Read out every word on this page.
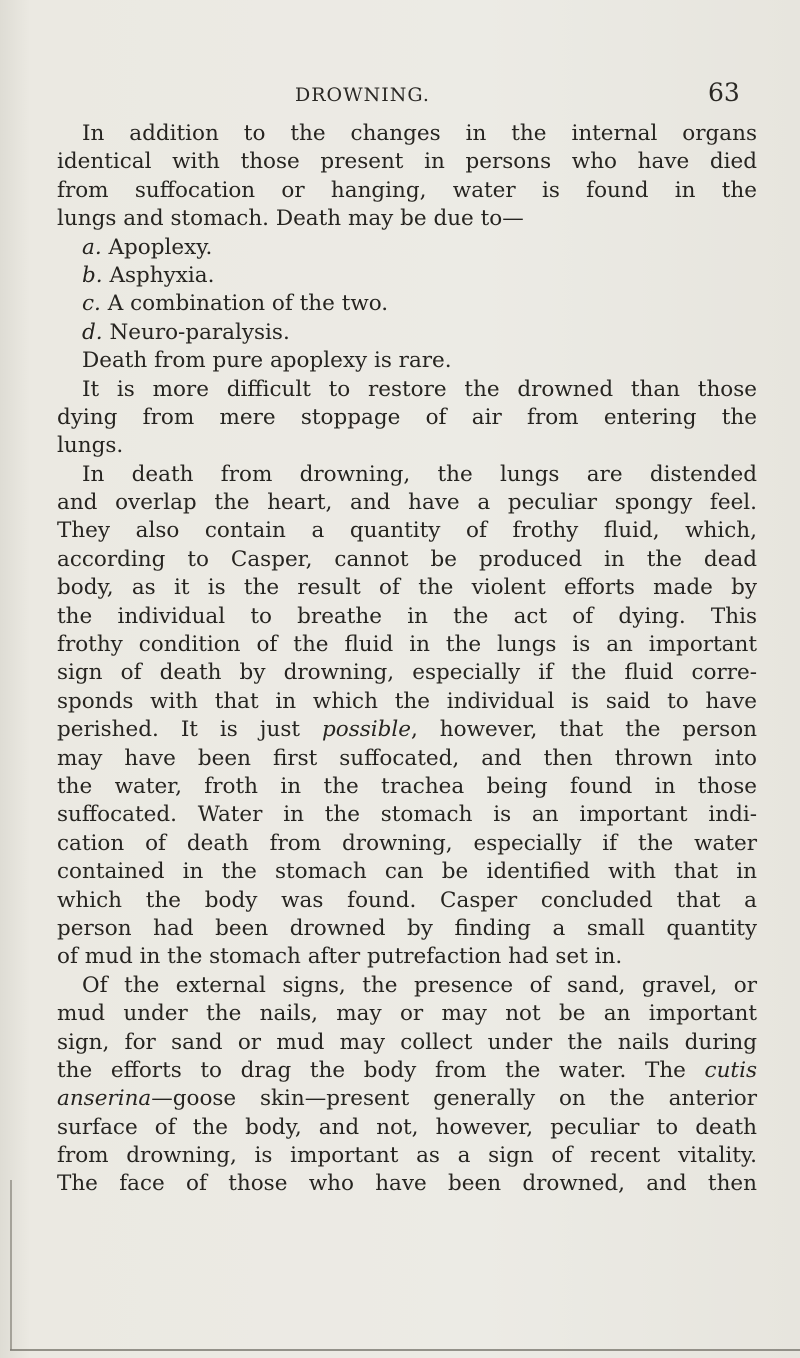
DROWNING.	63
In addition to the changes in the internal organs
identical with those present in persons who have died
from suffocation or hanging, water is found in the
lungs and stomach. Death may be due to—
a. Apoplexy.
b. Asphyxia.
c. A combination of the two.
d. Neuro-paralysis.
Death from pure apoplexy is rare.
It is more difficult to restore the drowned than those
dying from mere stoppage of air from entering the
lungs.
In death from drowning, the lungs are distended
and overlap the heart, and have a peculiar spongy feel.
They also contain a quantity of frothy fluid, which,
according to Casper, cannot be produced in the dead
body, as it is the result of the violent efforts made by
the individual to breathe in the act of dying. This
frothy condition of the fluid in the lungs is an important
sign of death by drowning, especially if the fluid corre-
sponds with that in which the individual is said to have
perished. It is just possible, however, that the person
may have been first suffocated, and then thrown into
the water, froth in the trachea being found in those
suffocated. Water in the stomach is an important indi-
cation of death from drowning, especially if the water
contained in the stomach can be identified with that in
which the body was found. Casper concluded that a
person had been drowned by finding a small quantity
of mud in the stomach after putrefaction had set in.
Of the external signs, the presence of sand, gravel, or
mud under the nails, may or may not be an important
sign, for sand or mud may collect under the nails during
the efforts to drag the body from the water. The cutis
anserina—goose skin—present generally on the anterior
surface of the body, and not, however, peculiar to death
from drowning, is important as a sign of recent vitality.
The face of those who have been drowned, and then
